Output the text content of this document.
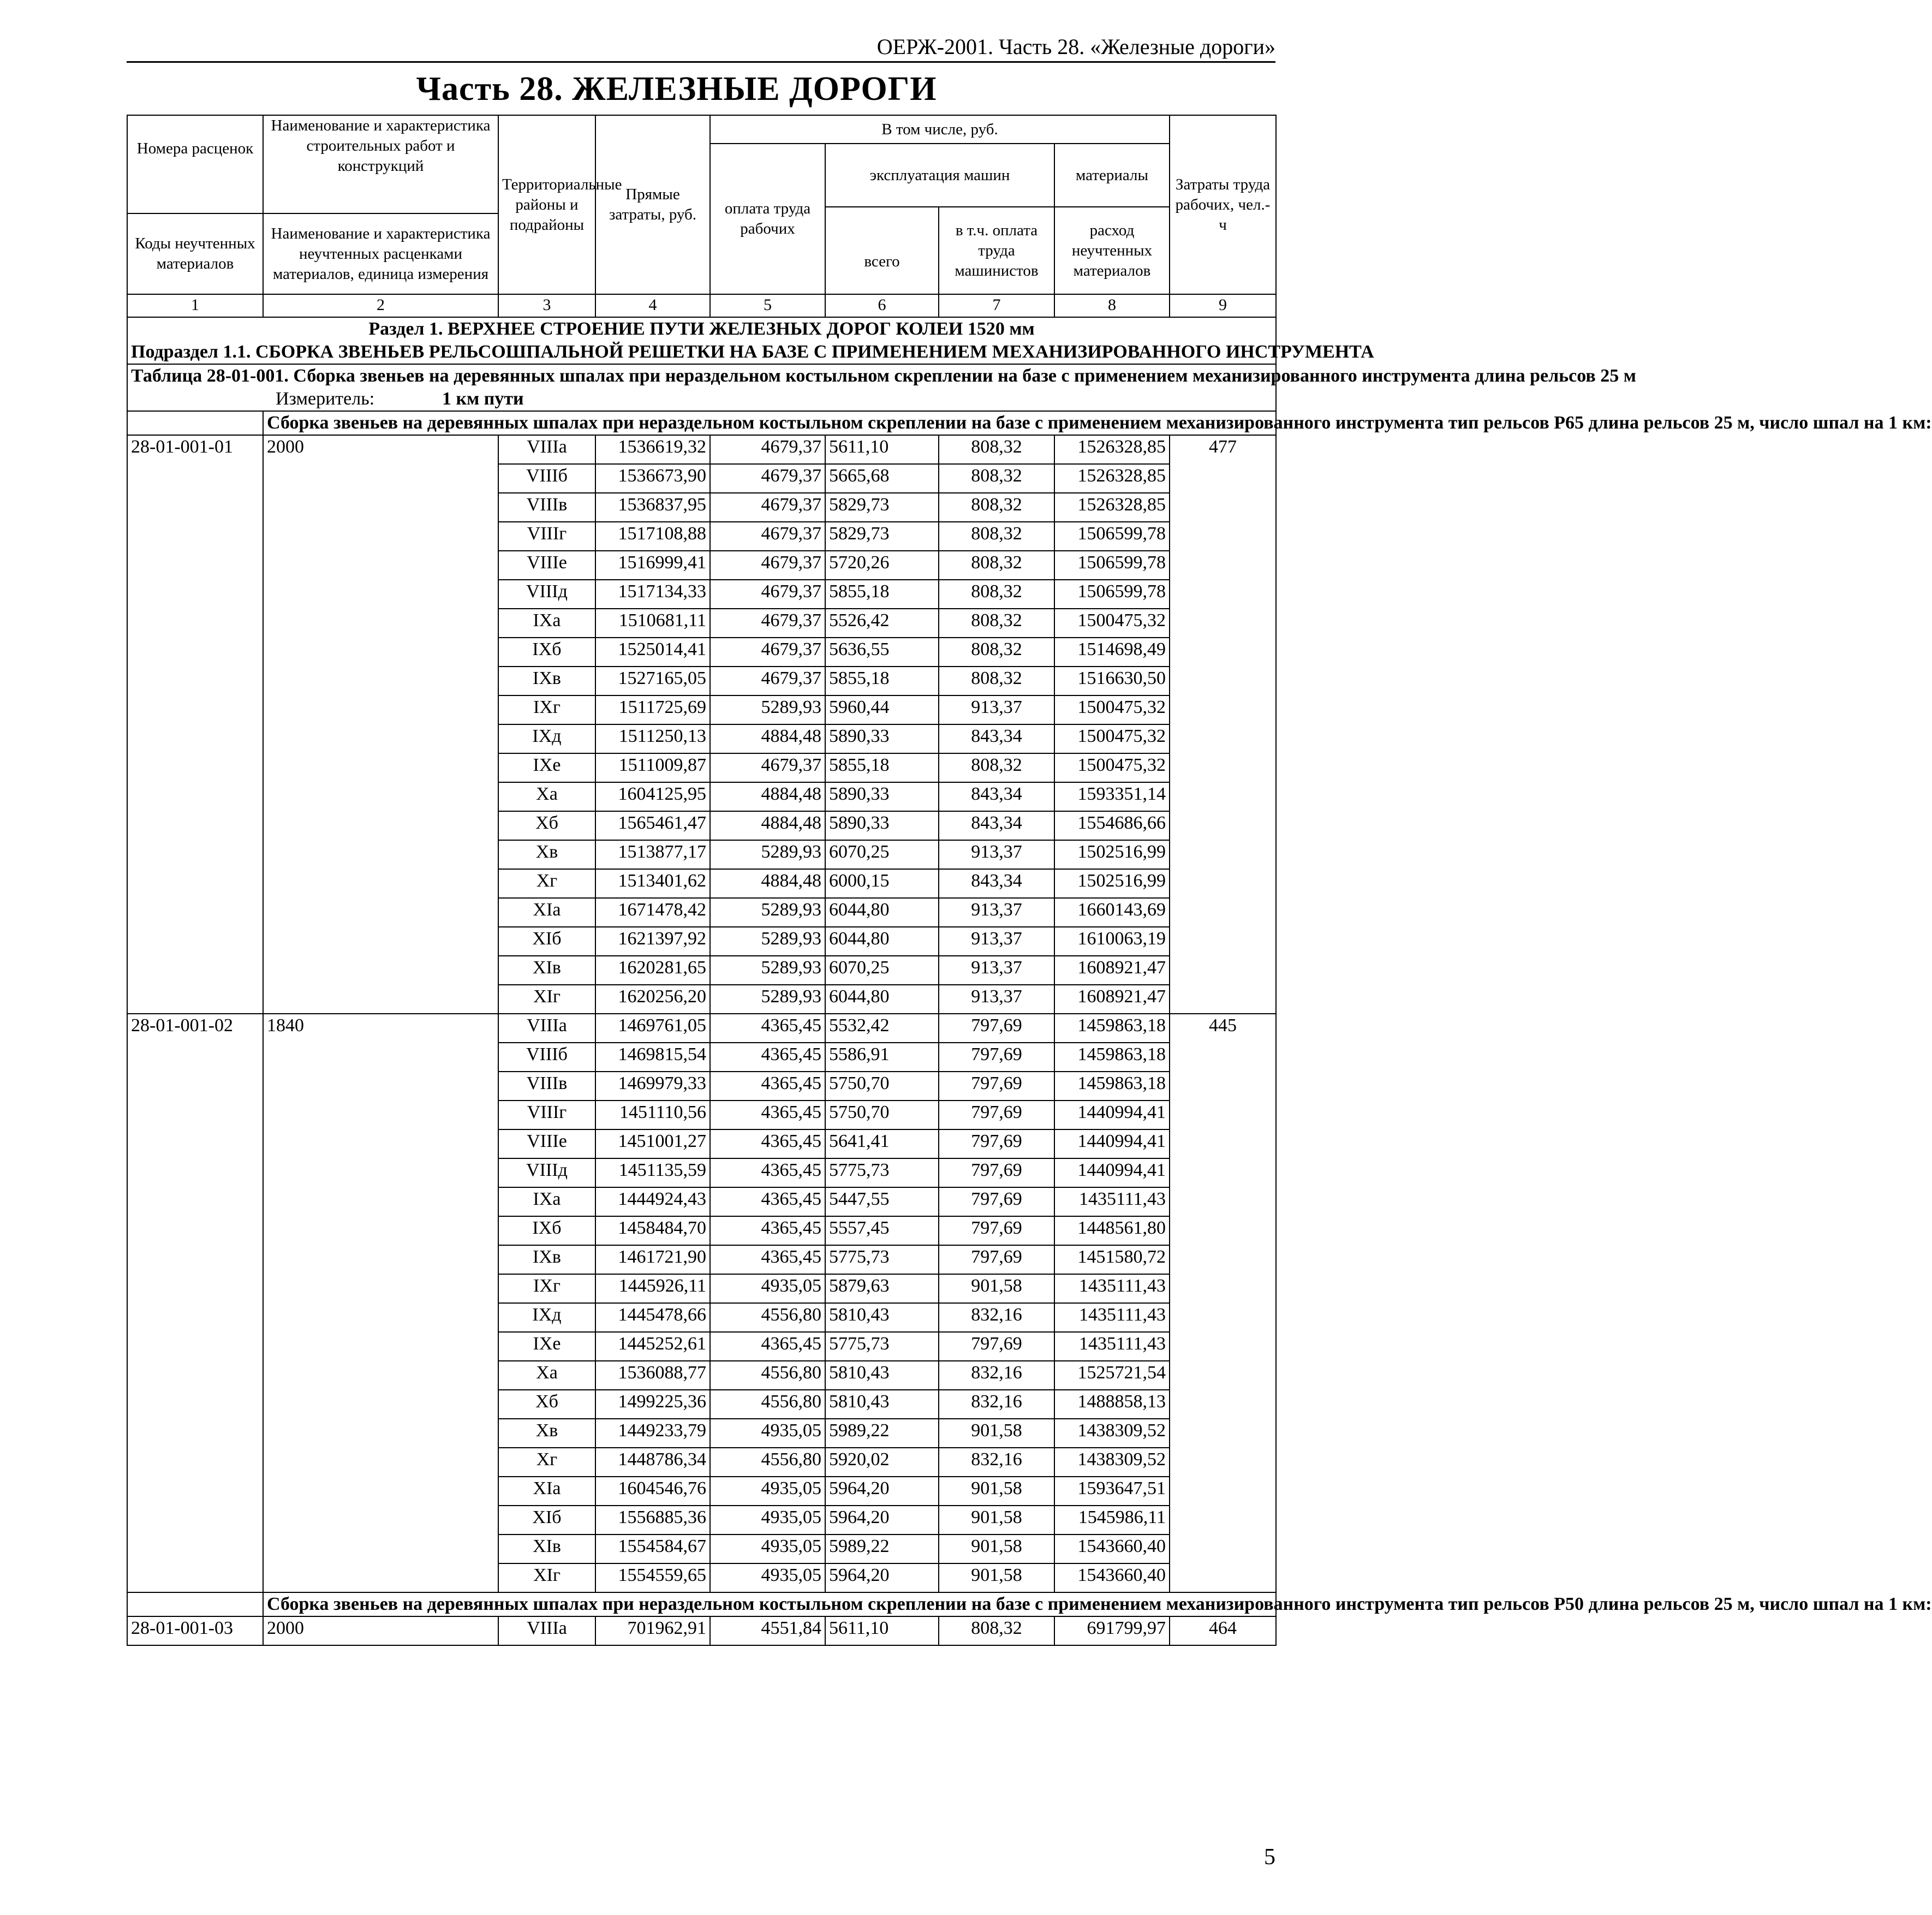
ОЕРЖ-2001. Часть 28. «Железные дороги»
Часть 28. ЖЕЛЕЗНЫЕ ДОРОГИ
Номера расценок	Наименование и характеристика строительных работ и конструкций	Территориальные районы и подрайоны	Прямые затраты, руб.	В том числе, руб.				Затраты труда рабочих, чел.-ч
				оплата труда рабочих	эксплуатация машин		материалы	
					всего	в т.ч. оплата труда машинистов	расход неучтенных материалов	
Коды неучтенных материалов	Наименование и характеристика неучтенных расценками материалов, единица измерения							

1	2	3	4	5	6	7	8	9

Раздел 1. ВЕРХНЕЕ СТРОЕНИЕ ПУТИ ЖЕЛЕЗНЫХ ДОРОГ КОЛЕИ 1520 мм
Подраздел 1.1. СБОРКА ЗВЕНЬЕВ РЕЛЬСОШПАЛЬНОЙ РЕШЕТКИ НА БАЗЕ С ПРИМЕНЕНИЕМ МЕХАНИЗИРОВАННОГО ИНСТРУМЕНТА								

Таблица 28-01-001. Сборка звеньев на деревянных шпалах при нераздельном костыльном скреплении на базе с применением механизированного инструмента длина рельсов 25 м								
Измеритель: 1 км пути								
	Сборка звеньев на деревянных шпалах при нераздельном костыльном скреплении на базе с применением механизированного инструмента тип рельсов Р65 длина рельсов 25 м, число шпал на 1 км:							
28-01-001-01	2000	VIIIа	1536619,32	4679,37	5611,10	808,32	1526328,85	477
		VIIIб	1536673,90	4679,37	5665,68	808,32	1526328,85	
		VIIIв	1536837,95	4679,37	5829,73	808,32	1526328,85	
		VIIIг	1517108,88	4679,37	5829,73	808,32	1506599,78	
		VIIIе	1516999,41	4679,37	5720,26	808,32	1506599,78	
		VIIIд	1517134,33	4679,37	5855,18	808,32	1506599,78	
		IXа	1510681,11	4679,37	5526,42	808,32	1500475,32	
		IXб	1525014,41	4679,37	5636,55	808,32	1514698,49	
		IXв	1527165,05	4679,37	5855,18	808,32	1516630,50	
		IXг	1511725,69	5289,93	5960,44	913,37	1500475,32	
		IXд	1511250,13	4884,48	5890,33	843,34	1500475,32	
		IXе	1511009,87	4679,37	5855,18	808,32	1500475,32	
		Xа	1604125,95	4884,48	5890,33	843,34	1593351,14	
		Xб	1565461,47	4884,48	5890,33	843,34	1554686,66	
		Xв	1513877,17	5289,93	6070,25	913,37	1502516,99	
		Xг	1513401,62	4884,48	6000,15	843,34	1502516,99	
		XIа	1671478,42	5289,93	6044,80	913,37	1660143,69	
		XIб	1621397,92	5289,93	6044,80	913,37	1610063,19	
		XIв	1620281,65	5289,93	6070,25	913,37	1608921,47	
		XIг	1620256,20	5289,93	6044,80	913,37	1608921,47	
28-01-001-02	1840	VIIIа	1469761,05	4365,45	5532,42	797,69	1459863,18	445
		VIIIб	1469815,54	4365,45	5586,91	797,69	1459863,18	
		VIIIв	1469979,33	4365,45	5750,70	797,69	1459863,18	
		VIIIг	1451110,56	4365,45	5750,70	797,69	1440994,41	
		VIIIе	1451001,27	4365,45	5641,41	797,69	1440994,41	
		VIIIд	1451135,59	4365,45	5775,73	797,69	1440994,41	
		IXа	1444924,43	4365,45	5447,55	797,69	1435111,43	
		IXб	1458484,70	4365,45	5557,45	797,69	1448561,80	
		IXв	1461721,90	4365,45	5775,73	797,69	1451580,72	
		IXг	1445926,11	4935,05	5879,63	901,58	1435111,43	
		IXд	1445478,66	4556,80	5810,43	832,16	1435111,43	
		IXе	1445252,61	4365,45	5775,73	797,69	1435111,43	
		Xа	1536088,77	4556,80	5810,43	832,16	1525721,54	
		Xб	1499225,36	4556,80	5810,43	832,16	1488858,13	
		Xв	1449233,79	4935,05	5989,22	901,58	1438309,52	
		Xг	1448786,34	4556,80	5920,02	832,16	1438309,52	
		XIа	1604546,76	4935,05	5964,20	901,58	1593647,51	
		XIб	1556885,36	4935,05	5964,20	901,58	1545986,11	
		XIв	1554584,67	4935,05	5989,22	901,58	1543660,40	
		XIг	1554559,65	4935,05	5964,20	901,58	1543660,40	
	Сборка звеньев на деревянных шпалах при нераздельном костыльном скреплении на базе с применением механизированного инструмента тип рельсов Р50 длина рельсов 25 м, число шпал на 1 км:							
28-01-001-03	2000	VIIIа	701962,91	4551,84	5611,10	808,32	691799,97	464
5
